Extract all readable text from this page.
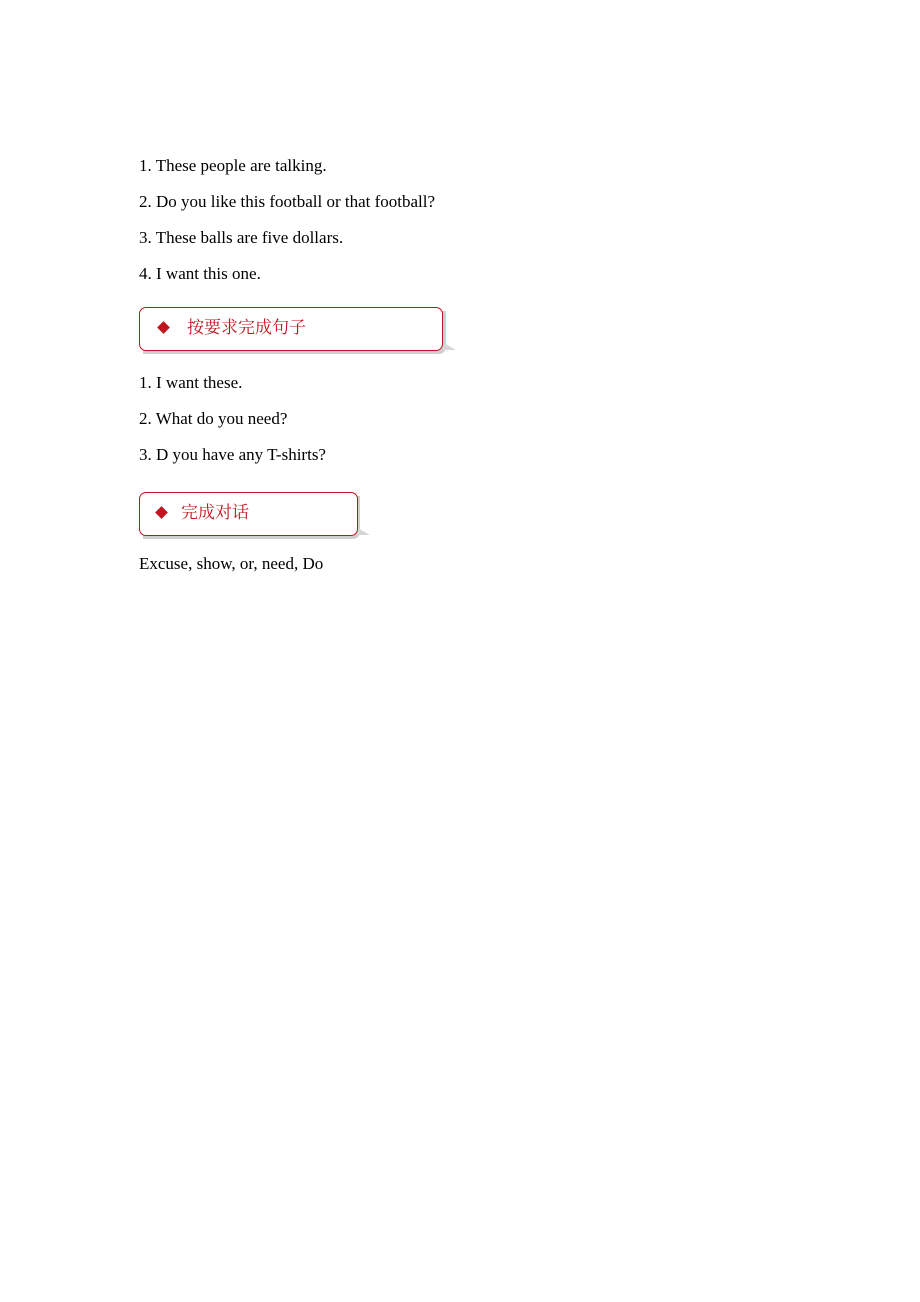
1. These people are talking.
2. Do you like this football or that football?
3. These balls are five dollars.
4. I want this one.
按要求完成句子
1. I want these.
2. What do you need?
3. D you have any T-shirts?
完成对话
Excuse, show, or, need, Do
